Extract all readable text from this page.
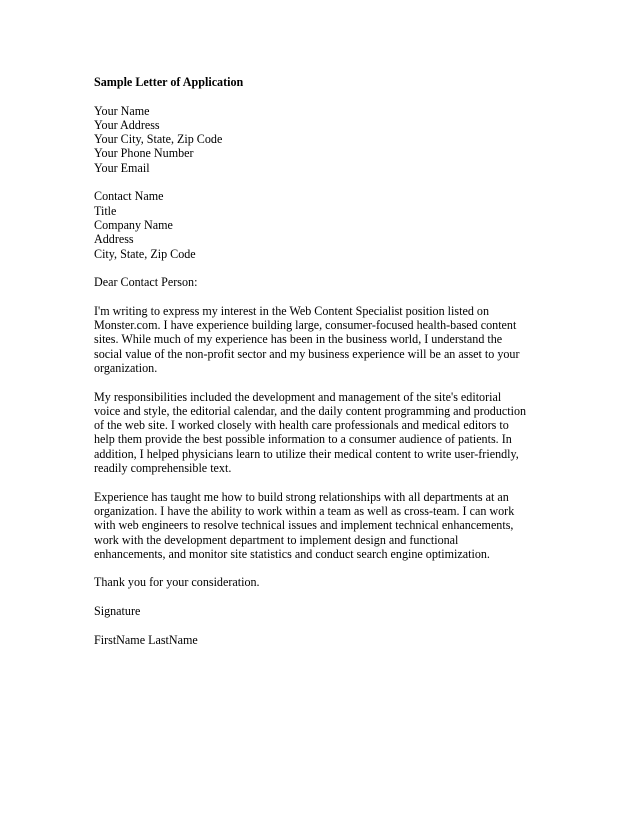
Sample Letter of Application
Your Name
Your Address
Your City, State, Zip Code
Your Phone Number
Your Email
Contact Name
Title
Company Name
Address
City, State, Zip Code
Dear Contact Person:
I'm writing to express my interest in the Web Content Specialist position listed on
Monster.com. I have experience building large, consumer-focused health-based content
sites. While much of my experience has been in the business world, I understand the
social value of the non-profit sector and my business experience will be an asset to your
organization.
My responsibilities included the development and management of the site's editorial
voice and style, the editorial calendar, and the daily content programming and production
of the web site. I worked closely with health care professionals and medical editors to
help them provide the best possible information to a consumer audience of patients. In
addition, I helped physicians learn to utilize their medical content to write user-friendly,
readily comprehensible text.
Experience has taught me how to build strong relationships with all departments at an
organization. I have the ability to work within a team as well as cross-team. I can work
with web engineers to resolve technical issues and implement technical enhancements,
work with the development department to implement design and functional
enhancements, and monitor site statistics and conduct search engine optimization.
Thank you for your consideration.
Signature
FirstName LastName
